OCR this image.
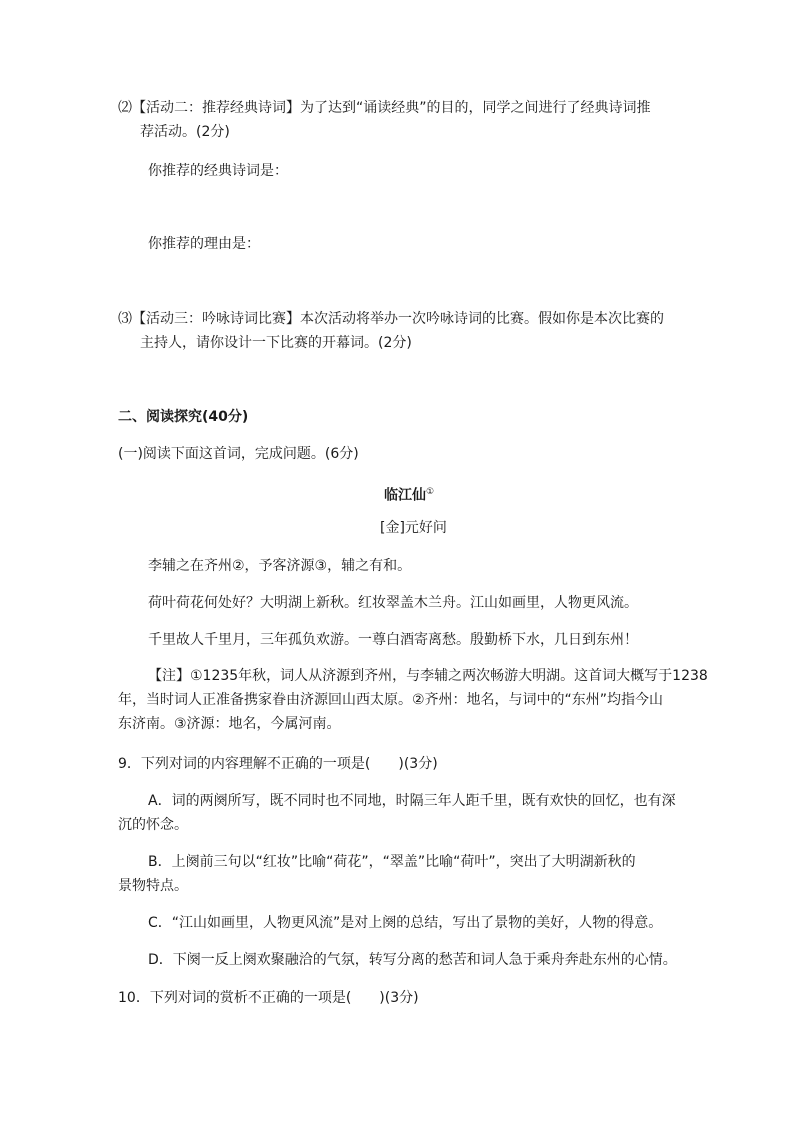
⑵【活动二：推荐经典诗词】为了达到“诵读经典”的目的，同学之间进行了经典诗词推
荐活动。(2分)
你推荐的经典诗词是：
你推荐的理由是：
⑶【活动三：吟咏诗词比赛】本次活动将举办一次吟咏诗词的比赛。假如你是本次比赛的
主持人，请你设计一下比赛的开幕词。(2分)
二、阅读探究(40分)
(一)阅读下面这首词，完成问题。(6分)
临江仙①
[金]元好问
李辅之在齐州②，予客济源③，辅之有和。
荷叶荷花何处好？大明湖上新秋。红妆翠盖木兰舟。江山如画里，人物更风流。
千里故人千里月，三年孤负欢游。一尊白酒寄离愁。殷勤桥下水，几日到东州！
【注】①1235年秋，词人从济源到齐州，与李辅之两次畅游大明湖。这首词大概写于1238
年，当时词人正准备携家眷由济源回山西太原。②齐州：地名，与词中的“东州”均指今山
东济南。③济源：地名，今属河南。
9．下列对词的内容理解不正确的一项是(　　)(3分)
A．词的两阕所写，既不同时也不同地，时隔三年人距千里，既有欢快的回忆，也有深
沉的怀念。
B．上阕前三句以“红妆”比喻“荷花”，“翠盖”比喻“荷叶”，突出了大明湖新秋的
景物特点。
C．“江山如画里，人物更风流”是对上阕的总结，写出了景物的美好，人物的得意。
D．下阕一反上阕欢聚融洽的气氛，转写分离的愁苦和词人急于乘舟奔赴东州的心情。
10．下列对词的赏析不正确的一项是(　　)(3分)
